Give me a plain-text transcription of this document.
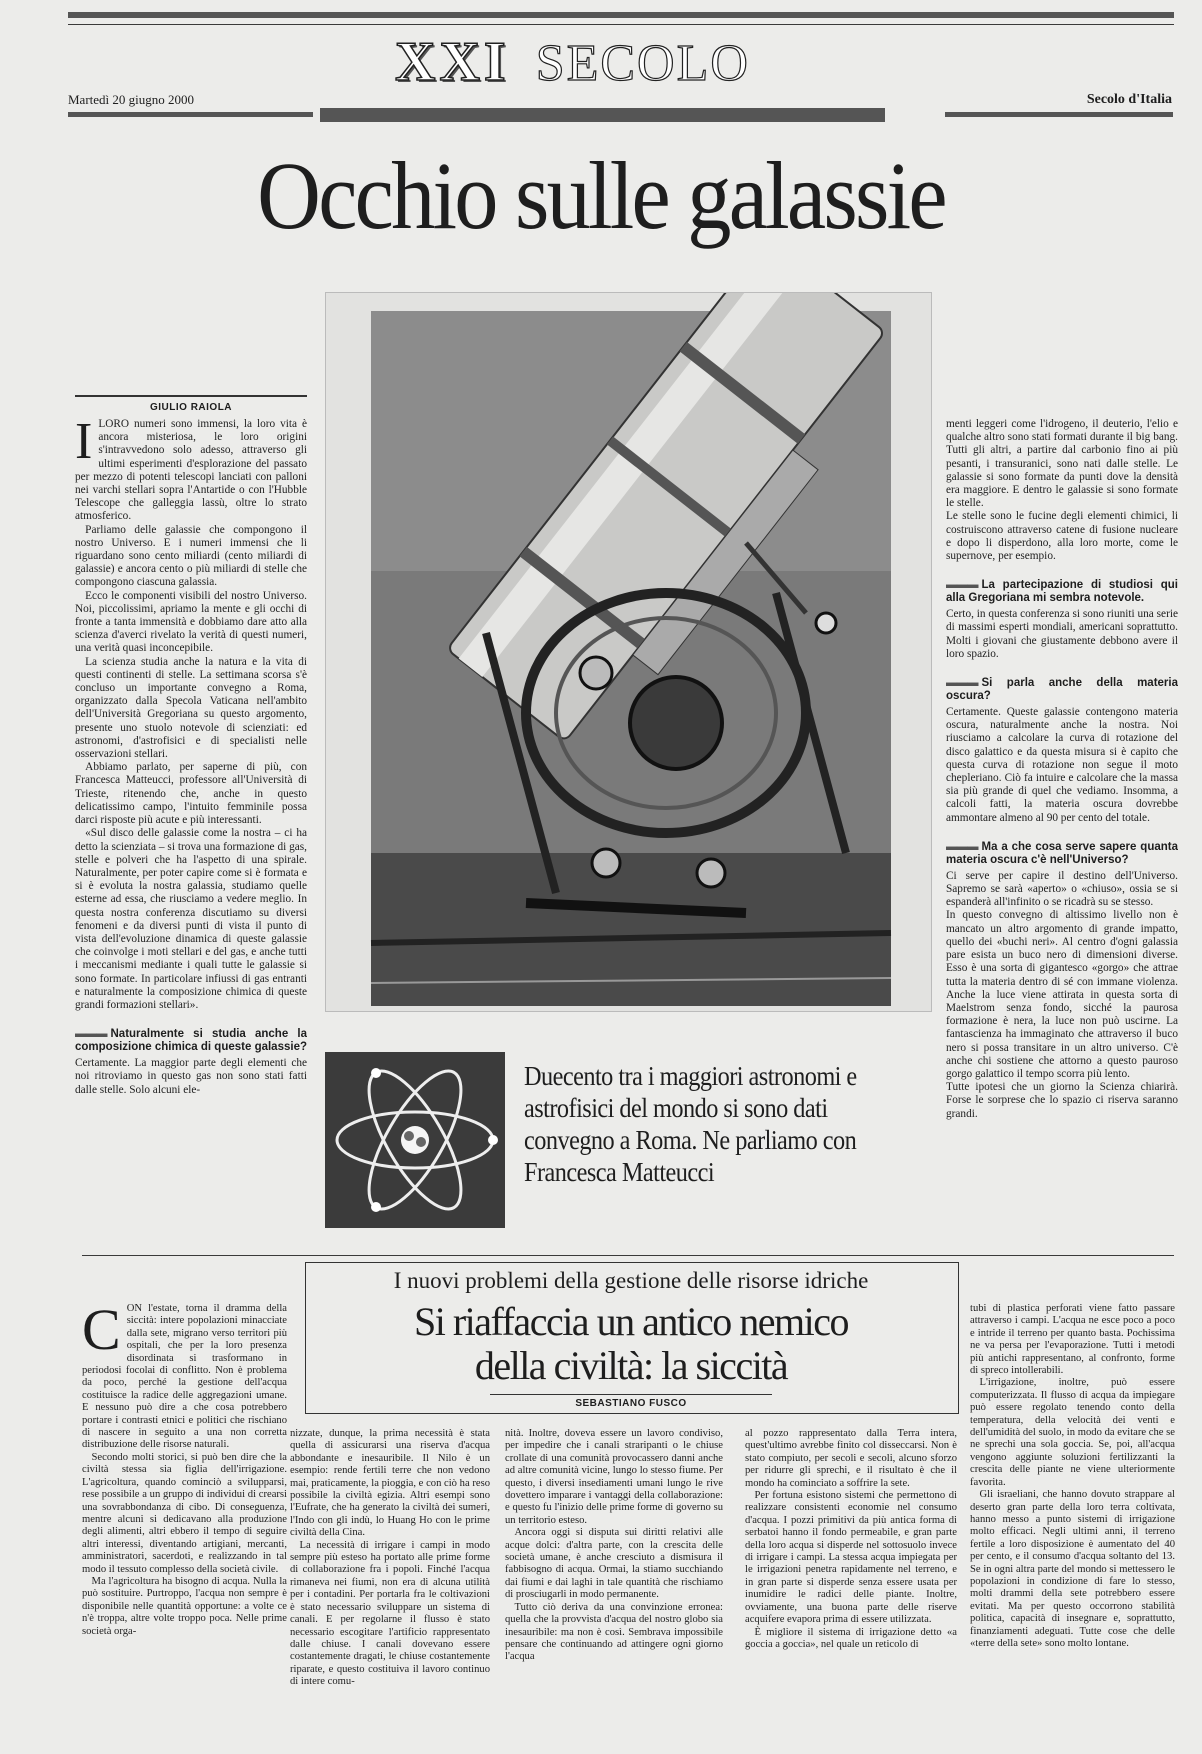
Martedì 20 giugno 2000
XXI SECOLO
Secolo d'Italia
Occhio sulle galassie
GIULIO RAIOLA
I LORO numeri sono immensi, la loro vita è ancora misteriosa, le loro origini s'intravvedono solo adesso, attraverso gli ultimi esperimenti d'esplorazione del passato per mezzo di potenti telescopi lanciati con palloni nei varchi stellari sopra l'Antartide o con l'Hubble Telescope che galleggia lassù, oltre lo strato atmosferico.

Parliamo delle galassie che compongono il nostro Universo. E i numeri immensi che li riguardano sono cento miliardi (cento miliardi di galassie) e ancora cento o più miliardi di stelle che compongono ciascuna galassia.

Ecco le componenti visibili del nostro Universo. Noi, piccolissimi, apriamo la mente e gli occhi di fronte a tanta immensità e dobbiamo dare atto alla scienza d'averci rivelato la verità di questi numeri, una verità quasi inconcepibile.

La scienza studia anche la natura e la vita di questi continenti di stelle. La settimana scorsa s'è concluso un importante convegno a Roma, organizzato dalla Specola Vaticana nell'ambito dell'Università Gregoriana su questo argomento, presente uno stuolo notevole di scienziati: ed astronomi, d'astrofisici e di specialisti nelle osservazioni stellari.

Abbiamo parlato, per saperne di più, con Francesca Matteucci, professore all'Università di Trieste, ritenendo che, anche in questo delicatissimo campo, l'intuito femminile possa darci risposte più acute e più interessanti.

«Sul disco delle galassie come la nostra – ci ha detto la scienziata – si trova una formazione di gas, stelle e polveri che ha l'aspetto di una spirale. Naturalmente, per poter capire come si è formata e si è evoluta la nostra galassia, studiamo quelle esterne ad essa, che riusciamo a vedere meglio. In questa nostra conferenza discutiamo su diversi fenomeni e da diversi punti di vista il punto di vista dell'evoluzione dinamica di queste galassie che coinvolge i moti stellari e del gas, e anche tutti i meccanismi mediante i quali tutte le galassie si sono formate. In particolare infiussi di gas entranti e naturalmente la composizione chimica di queste grandi formazioni stellari».

▬▬▬ Naturalmente si studia anche la composizione chimica di queste galassie?

Certamente. La maggior parte degli elementi che noi ritroviamo in questo gas non sono stati fatti dalle stelle. Solo alcuni ele-

menti leggeri come l'idrogeno, il deuterio, l'elio e qualche altro sono stati formati durante il big bang. Tutti gli altri, a partire dal carbonio fino ai più pesanti, i transuranici, sono nati dalle stelle. Le galassie si sono formate da punti dove la densità era maggiore. E dentro le galassie si sono formate le stelle.

Le stelle sono le fucine degli elementi chimici, li costruiscono attraverso catene di fusione nucleare e dopo li disperdono, alla loro morte, come le supernove, per esempio.

▬▬▬ La partecipazione di studiosi qui alla Gregoriana mi sembra notevole.

Certo, in questa conferenza si sono riuniti una serie di massimi esperti mondiali, americani soprattutto. Molti i giovani che giustamente debbono avere il loro spazio.

▬▬▬ Si parla anche della materia oscura?

Certamente. Queste galassie contengono materia oscura, naturalmente anche la nostra. Noi riusciamo a calcolare la curva di rotazione del disco galattico e da questa misura si è capito che questa curva di rotazione non segue il moto chepleriano. Ciò fa intuire e calcolare che la massa sia più grande di quel che vediamo. Insomma, a calcoli fatti, la materia oscura dovrebbe ammontare almeno al 90 per cento del totale.

▬▬▬ Ma a che cosa serve sapere quanta materia oscura c'è nell'Universo?

Ci serve per capire il destino dell'Universo. Sapremo se sarà «aperto» o «chiuso», ossia se si espanderà all'infinito o se ricadrà su se stesso.

In questo convegno di altissimo livello non è mancato un altro argomento di grande impatto, quello dei «buchi neri». Al centro d'ogni galassia pare esista un buco nero di dimensioni diverse. Esso è una sorta di gigantesco «gorgo» che attrae tutta la materia dentro di sé con immane violenza. Anche la luce viene attirata in questa sorta di Maelstrom senza fondo, sicché la paurosa formazione è nera, la luce non può uscirne. La fantascienza ha immaginato che attraverso il buco nero si possa transitare in un altro universo. C'è anche chi sostiene che attorno a questo pauroso gorgo galattico il tempo scorra più lento.

Tutte ipotesi che un giorno la Scienza chiarirà. Forse le sorprese che lo spazio ci riserva saranno grandi.

Duecento tra i maggiori astronomi e astrofisici del mondo si sono dati convegno a Roma. Ne parliamo con Francesca Matteucci
I nuovi problemi della gestione delle risorse idriche
Si riaffaccia un antico nemico
della civiltà: la siccità
SEBASTIANO FUSCO
C ON l'estate, torna il dramma della siccità: intere popolazioni minacciate dalla sete, migrano verso territori più ospitali, che per la loro presenza disordinata si trasformano in periodosi focolai di conflitto. Non è problema da poco, perché la gestione dell'acqua costituisce la radice delle aggregazioni umane. E nessuno può dire a che cosa potrebbero portare i contrasti etnici e politici che rischiano di nascere in seguito a una non corretta distribuzione delle risorse naturali.

Secondo molti storici, si può ben dire che la civiltà stessa sia figlia dell'irrigazione. L'agricoltura, quando cominciò a svilupparsi, rese possibile a un gruppo di individui di crearsi una sovrabbondanza di cibo. Di conseguenza, mentre alcuni si dedicavano alla produzione degli alimenti, altri ebbero il tempo di seguire altri interessi, diventando artigiani, mercanti, amministratori, sacerdoti, e realizzando in tal modo il tessuto complesso della società civile.

Ma l'agricoltura ha bisogno di acqua. Nulla la può sostituire. Purtroppo, l'acqua non sempre è disponibile nelle quantità opportune: a volte ce n'è troppa, altre volte troppo poca. Nelle prime società orga-

nizzate, dunque, la prima necessità è stata quella di assicurarsi una riserva d'acqua abbondante e inesauribile. Il Nilo è un esempio: rende fertili terre che non vedono mai, praticamente, la pioggia, e con ciò ha reso possibile la civiltà egizia. Altri esempi sono l'Eufrate, che ha generato la civiltà dei sumeri, l'Indo con gli indù, lo Huang Ho con le prime civiltà della Cina.

La necessità di irrigare i campi in modo sempre più esteso ha portato alle prime forme di collaborazione fra i popoli. Finché l'acqua rimaneva nei fiumi, non era di alcuna utilità per i contadini. Per portarla fra le coltivazioni è stato necessario sviluppare un sistema di canali. E per regolarne il flusso è stato necessario escogitare l'artificio rappresentato dalle chiuse. I canali dovevano essere costantemente dragati, le chiuse costantemente riparate, e questo costituiva il lavoro continuo di intere comu-

nità. Inoltre, doveva essere un lavoro condiviso, per impedire che i canali straripanti o le chiuse crollate di una comunità provocassero danni anche ad altre comunità vicine, lungo lo stesso fiume. Per questo, i diversi insediamenti umani lungo le rive dovettero imparare i vantaggi della collaborazione: e questo fu l'inizio delle prime forme di governo su un territorio esteso.

Ancora oggi si disputa sui diritti relativi alle acque dolci: d'altra parte, con la crescita delle società umane, è anche cresciuto a dismisura il fabbisogno di acqua. Ormai, la stiamo succhiando dai fiumi e dai laghi in tale quantità che rischiamo di prosciugarli in modo permanente.

Tutto ciò deriva da una convinzione erronea: quella che la provvista d'acqua del nostro globo sia inesauribile: ma non è così. Sembrava impossibile pensare che continuando ad attingere ogni giorno l'acqua

al pozzo rappresentato dalla Terra intera, quest'ultimo avrebbe finito col disseccarsi. Non è stato compiuto, per secoli e secoli, alcuno sforzo per ridurre gli sprechi, e il risultato è che il mondo ha cominciato a soffrire la sete.

Per fortuna esistono sistemi che permettono di realizzare consistenti economie nel consumo d'acqua. I pozzi primitivi da più antica forma di serbatoi hanno il fondo permeabile, e gran parte della loro acqua si disperde nel sottosuolo invece di irrigare i campi. La stessa acqua impiegata per le irrigazioni penetra rapidamente nel terreno, e in gran parte si disperde senza essere usata per inumidire le radici delle piante. Inoltre, ovviamente, una buona parte delle riserve acquifere evapora prima di essere utilizzata.

È migliore il sistema di irrigazione detto «a goccia a goccia», nel quale un reticolo di

tubi di plastica perforati viene fatto passare attraverso i campi. L'acqua ne esce poco a poco e intride il terreno per quanto basta. Pochissima ne va persa per l'evaporazione. Tutti i metodi più antichi rappresentano, al confronto, forme di spreco intollerabili.

L'irrigazione, inoltre, può essere computerizzata. Il flusso di acqua da impiegare può essere regolato tenendo conto della temperatura, della velocità dei venti e dell'umidità del suolo, in modo da evitare che se ne sprechi una sola goccia. Se, poi, all'acqua vengono aggiunte soluzioni fertilizzanti la crescita delle piante ne viene ulteriormente favorita.

Gli israeliani, che hanno dovuto strappare al deserto gran parte della loro terra coltivata, hanno messo a punto sistemi di irrigazione molto efficaci. Negli ultimi anni, il terreno fertile a loro disposizione è aumentato del 40 per cento, e il consumo d'acqua soltanto del 13. Se in ogni altra parte del mondo si mettessero le popolazioni in condizione di fare lo stesso, molti drammi della sete potrebbero essere evitati. Ma per questo occorrono stabilità politica, capacità di insegnare e, soprattutto, finanziamenti adeguati. Tutte cose che delle «terre della sete» sono molto lontane.
